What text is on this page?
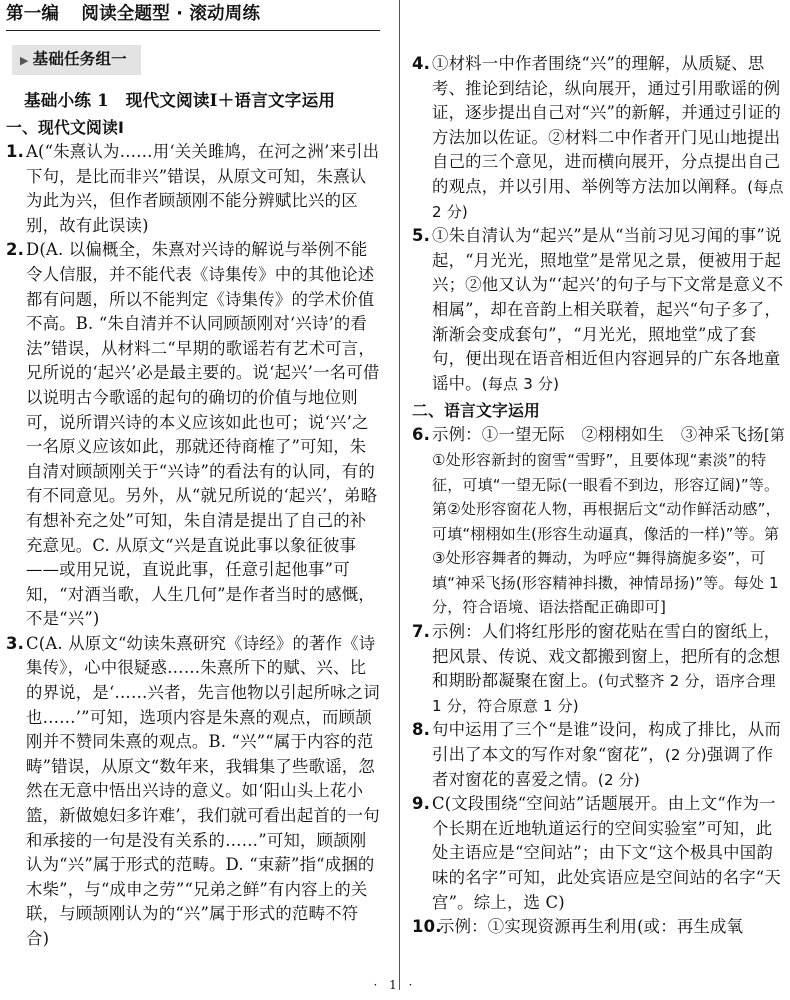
第一编 阅读全题型 · 滚动周练
▶ 基础任务组一
基础小练 1　现代文阅读Ⅰ＋语言文字运用
一、现代文阅读Ⅰ
1. A(“朱熹认为……用‘关关雎鸠，在河之洲’来引出下句，是比而非兴”错误，从原文可知，朱熹认为此为兴，但作者顾颉刚不能分辨赋比兴的区别，故有此误读)
2. D(A. 以偏概全，朱熹对兴诗的解说与举例不能令人信服，并不能代表《诗集传》中的其他论述都有问题，所以不能判定《诗集传》的学术价值不高。B. “朱自清并不认同顾颉刚对‘兴诗’的看法”错误，从材料二“早期的歌谣若有艺术可言，兄所说的‘起兴’必是最主要的。说‘起兴’一名可借以说明古今歌谣的起句的确切的价值与地位则可，说所谓兴诗的本义应该如此也可；说‘兴’之一名原义应该如此，那就还待商榷了”可知，朱自清对顾颉刚关于“兴诗”的看法有的认同，有的有不同意见。另外，从“就兄所说的‘起兴’，弟略有想补充之处”可知，朱自清是提出了自己的补充意见。C. 从原文“兴是直说此事以象征彼事——或用兄说，直说此事，任意引起他事”可知，“对酒当歌，人生几何”是作者当时的感慨，不是“兴”)
3. C(A. 从原文“幼读朱熹研究《诗经》的著作《诗集传》，心中很疑惑……朱熹所下的赋、兴、比的界说，是‘……兴者，先言他物以引起所咏之词也……’”可知，选项内容是朱熹的观点，而顾颉刚并不赞同朱熹的观点。B. “兴”“属于内容的范畴”错误，从原文“数年来，我辑集了些歌谣，忽然在无意中悟出兴诗的意义。如‘阳山头上花小篮，新做媳妇多许难’，我们就可看出起首的一句和承接的一句是没有关系的……”可知，顾颉刚认为“兴”属于形式的范畴。D. “束薪”指“成捆的木柴”，与“成申之劳”“兄弟之鲜”有内容上的关联，与顾颉刚认为的“兴”属于形式的范畴不符合)
4. ①材料一中作者围绕“兴”的理解，从质疑、思考、推论到结论，纵向展开，通过引用歌谣的例证，逐步提出自己对“兴”的新解，并通过引证的方法加以佐证。②材料二中作者开门见山地提出自己的三个意见，进而横向展开，分点提出自己的观点，并以引用、举例等方法加以阐释。(每点 2 分)
5. ①朱自清认为“起兴”是从“当前习见习闻的事”说起，“月光光，照地堂”是常见之景，便被用于起兴；②他又认为“‘起兴’的句子与下文常是意义不相属”，却在音韵上相关联着，起兴“句子多了，渐渐会变成套句”，“月光光，照地堂”成了套句，便出现在语音相近但内容迥异的广东各地童谣中。(每点 3 分)
二、语言文字运用
6. 示例：①一望无际　②栩栩如生　③神采飞扬[第①处形容新封的窗雪“雪野”，且要体现“素淡”的特征，可填“一望无际(一眼看不到边，形容辽阔)”等。第②处形容窗花人物，再根据后文“动作鲜活动感”，可填“栩栩如生(形容生动逼真，像活的一样)”等。第③处形容舞者的舞动，为呼应“舞得旖旎多姿”，可填“神采飞扬(形容精神抖擞，神情昂扬)”等。每处 1 分，符合语境、语法搭配正确即可]
7. 示例：人们将红彤彤的窗花贴在雪白的窗纸上，把风景、传说、戏文都搬到窗上，把所有的念想和期盼都凝聚在窗上。(句式整齐 2 分，语序合理 1 分，符合原意 1 分)
8. 句中运用了三个“是谁”设问，构成了排比，从而引出了本文的写作对象“窗花”，(2 分)强调了作者对窗花的喜爱之情。(2 分)
9. C(文段围绕“空间站”话题展开。由上文“作为一个长期在近地轨道运行的空间实验室”可知，此处主语应是“空间站”；由下文“这个极具中国韵味的名字”可知，此处宾语应是空间站的名字“天宫”。综上，选 C)
10.
示例：①实现资源再生利用(或：再生成氧
· 1 ·
